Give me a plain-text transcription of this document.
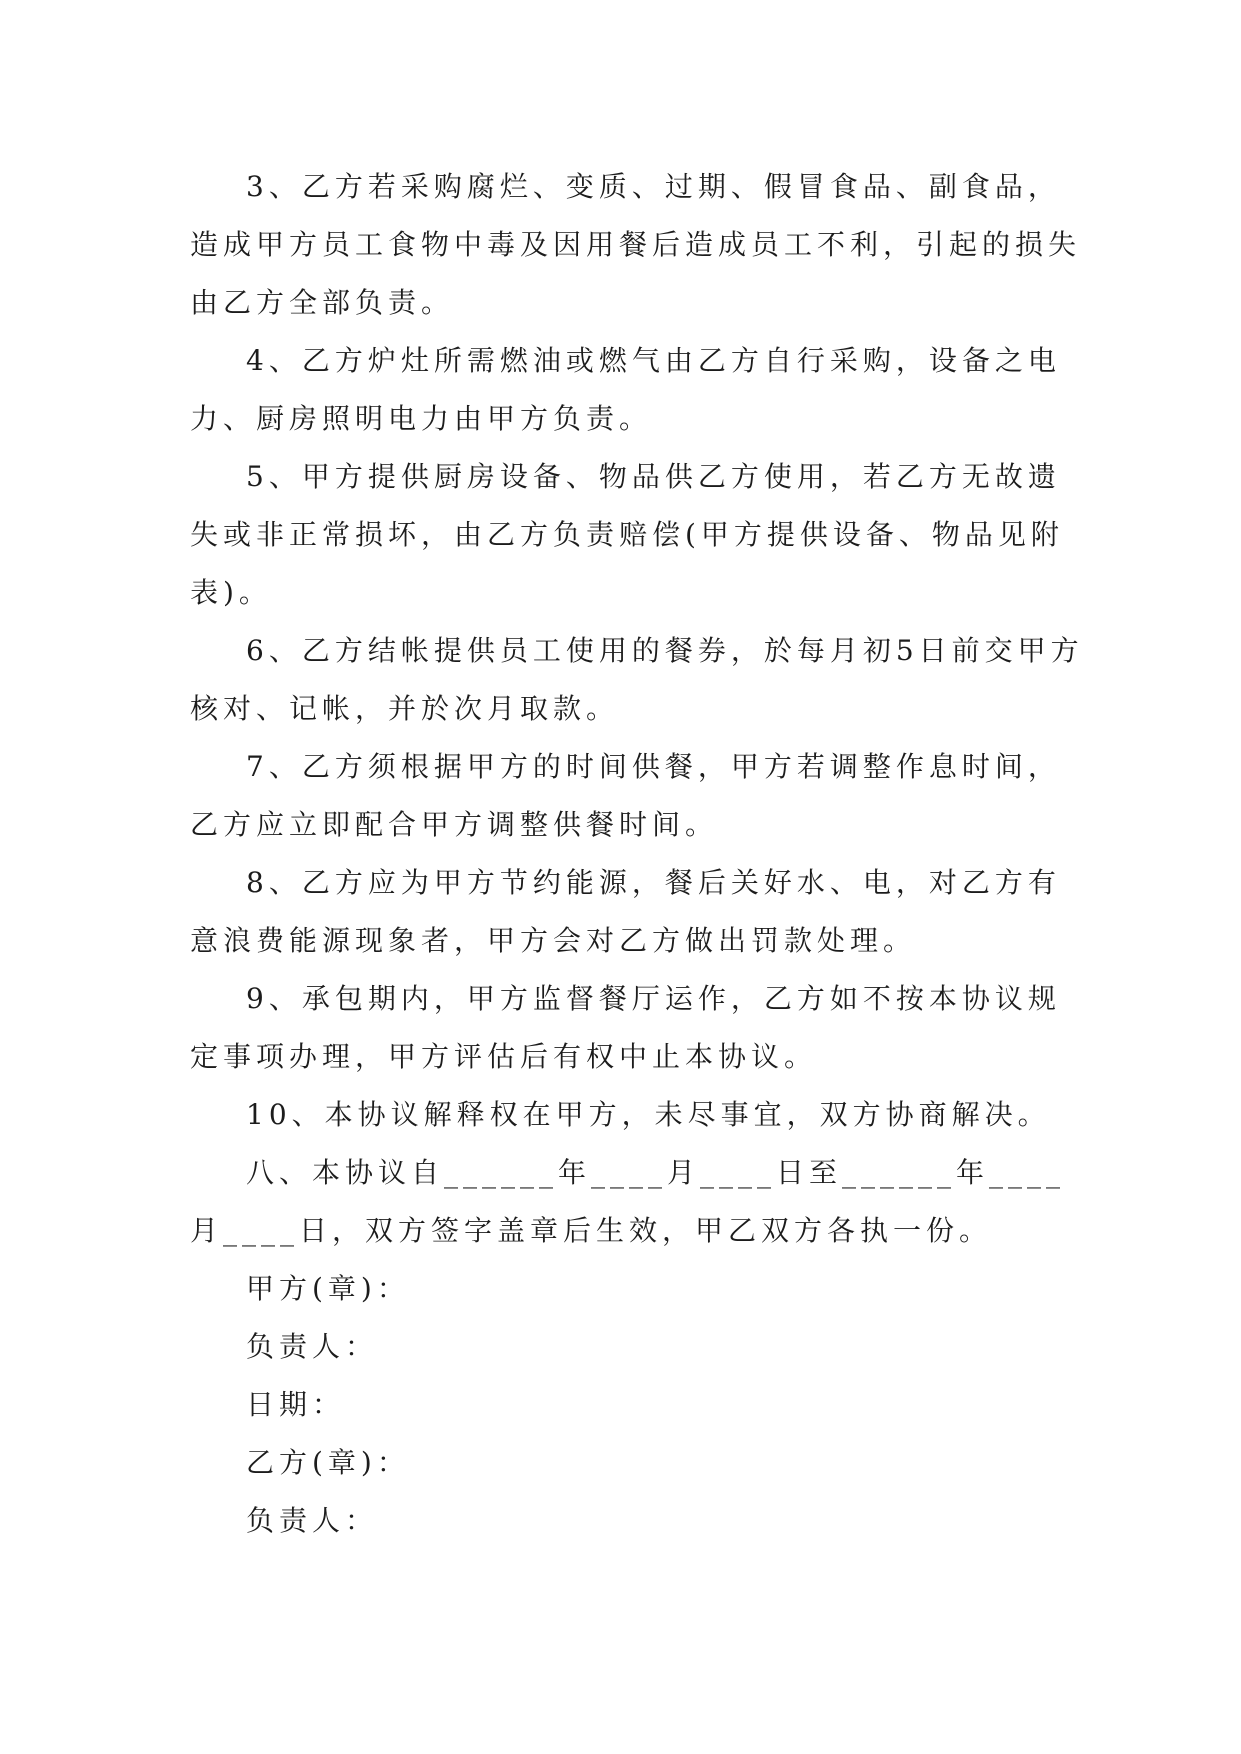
3、乙方若采购腐烂、变质、过期、假冒食品、副食品，造成甲方员工食物中毒及因用餐后造成员工不利，引起的损失由乙方全部负责。

4、乙方炉灶所需燃油或燃气由乙方自行采购，设备之电力、厨房照明电力由甲方负责。

5、甲方提供厨房设备、物品供乙方使用，若乙方无故遗失或非正常损坏，由乙方负责赔偿(甲方提供设备、物品见附表)。

6、乙方结帐提供员工使用的餐券，於每月初5日前交甲方核对、记帐，并於次月取款。

7、乙方须根据甲方的时间供餐，甲方若调整作息时间，乙方应立即配合甲方调整供餐时间。

8、乙方应为甲方节约能源，餐后关好水、电，对乙方有意浪费能源现象者，甲方会对乙方做出罚款处理。

9、承包期内，甲方监督餐厅运作，乙方如不按本协议规定事项办理，甲方评估后有权中止本协议。

10、本协议解释权在甲方，未尽事宜，双方协商解决。

八、本协议自______年____月____日至______年____月____日，双方签字盖章后生效，甲乙双方各执一份。

甲方(章)：

负责人：

日期：

乙方(章)：

负责人：
